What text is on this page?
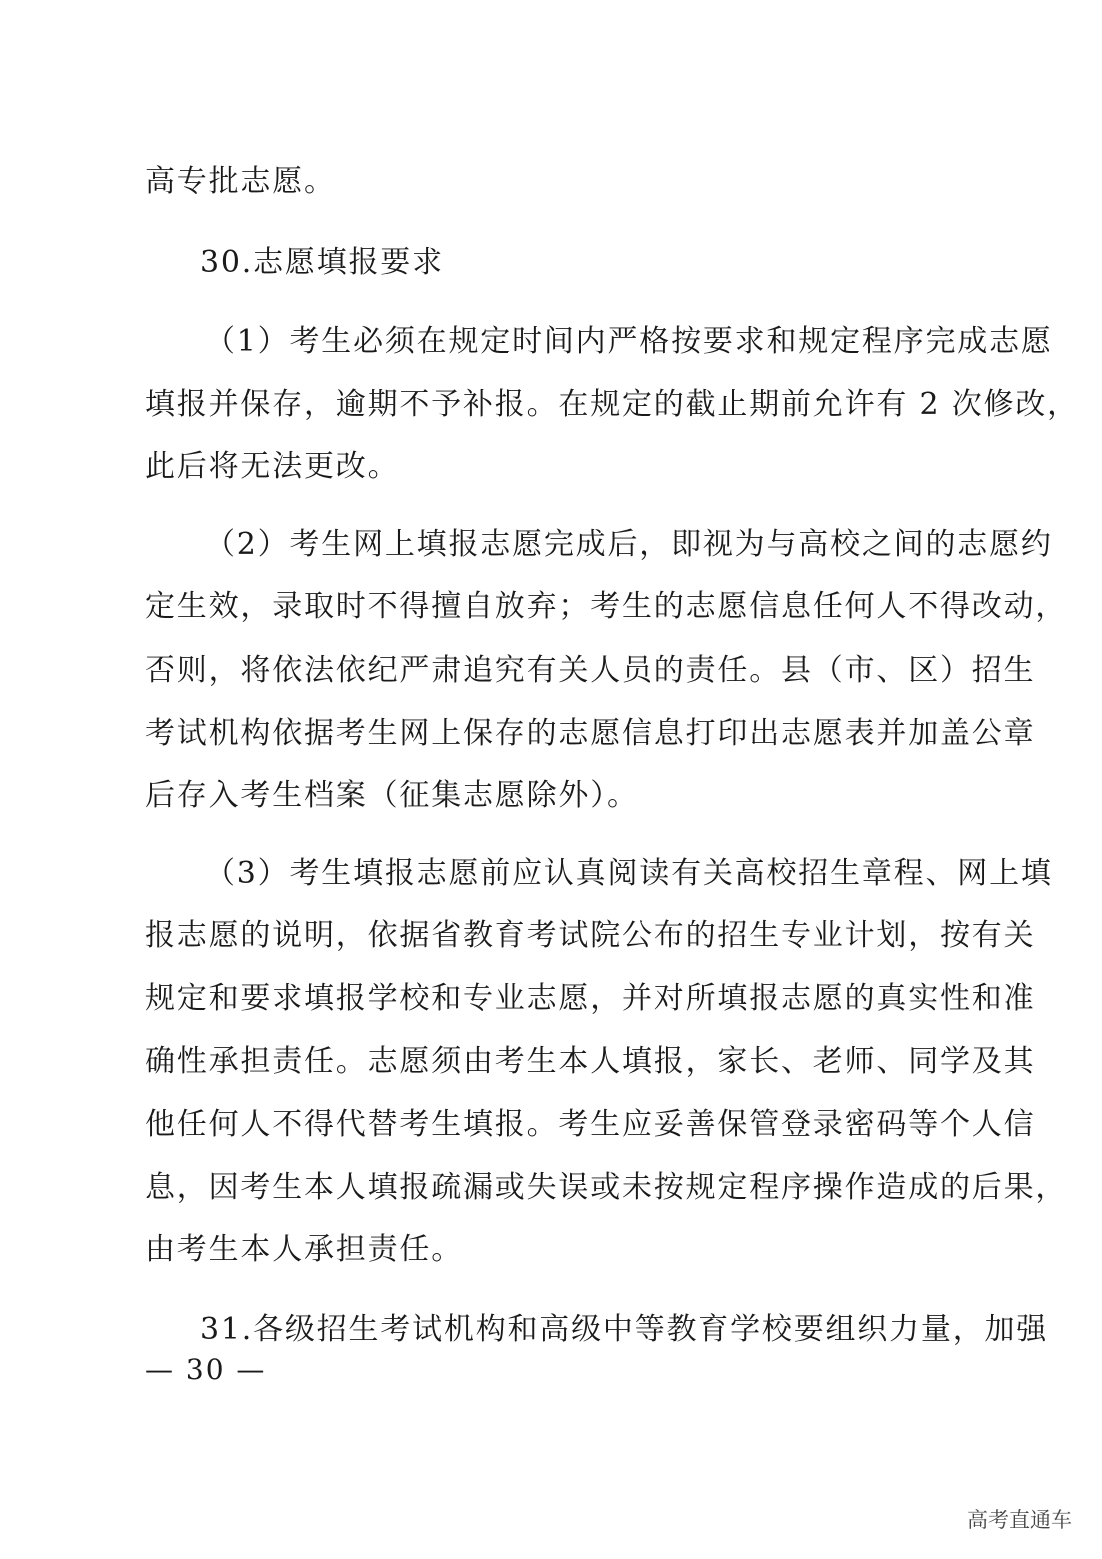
高专批志愿。
30.志愿填报要求
（1）考生必须在规定时间内严格按要求和规定程序完成志愿
填报并保存，逾期不予补报。在规定的截止期前允许有 2 次修改，
此后将无法更改。
（2）考生网上填报志愿完成后，即视为与高校之间的志愿约
定生效，录取时不得擅自放弃；考生的志愿信息任何人不得改动，
否则，将依法依纪严肃追究有关人员的责任。县（市、区）招生
考试机构依据考生网上保存的志愿信息打印出志愿表并加盖公章
后存入考生档案（征集志愿除外）。
（3）考生填报志愿前应认真阅读有关高校招生章程、网上填
报志愿的说明，依据省教育考试院公布的招生专业计划，按有关
规定和要求填报学校和专业志愿，并对所填报志愿的真实性和准
确性承担责任。志愿须由考生本人填报，家长、老师、同学及其
他任何人不得代替考生填报。考生应妥善保管登录密码等个人信
息，因考生本人填报疏漏或失误或未按规定程序操作造成的后果，
由考生本人承担责任。
31.各级招生考试机构和高级中等教育学校要组织力量，加强
— 30 —
高考直通车
